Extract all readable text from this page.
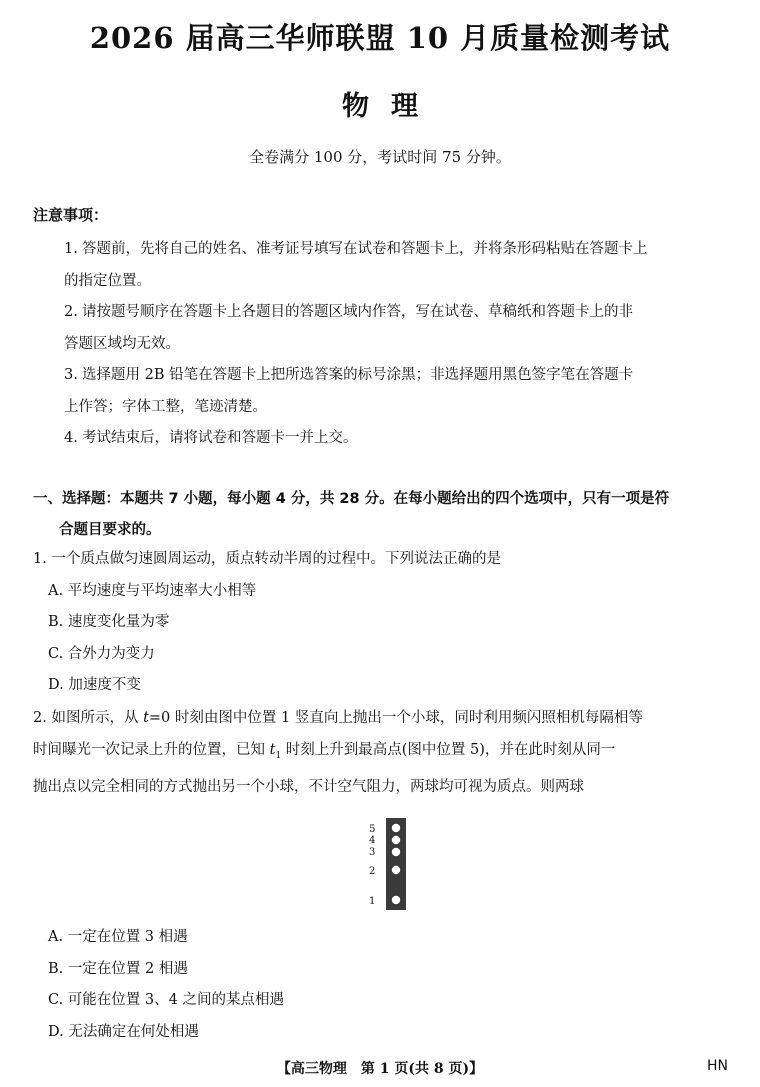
2026 届高三华师联盟 10 月质量检测考试
物理
全卷满分 100 分，考试时间 75 分钟。
注意事项：

1. 答题前，先将自己的姓名、准考证号填写在试卷和答题卡上，并将条形码粘贴在答题卡上

的指定位置。

2. 请按题号顺序在答题卡上各题目的答题区域内作答，写在试卷、草稿纸和答题卡上的非

答题区域均无效。

3. 选择题用 2B 铅笔在答题卡上把所选答案的标号涂黑；非选择题用黑色签字笔在答题卡

上作答；字体工整，笔迹清楚。

4. 考试结束后，请将试卷和答题卡一并上交。

一、选择题：本题共 7 小题，每小题 4 分，共 28 分。在每小题给出的四个选项中，只有一项是符
合题目要求的。
1. 一个质点做匀速圆周运动，质点转动半周的过程中。下列说法正确的是
A. 平均速度与平均速率大小相等
B. 速度变化量为零
C. 合外力为变力
D. 加速度不变
2. 如图所示，从 t=0 时刻由图中位置 1 竖直向上抛出一个小球，同时利用频闪照相机每隔相等
时间曝光一次记录上升的位置，已知 $t_1$ 时刻上升到最高点(图中位置 5)，并在此时刻从同一
抛出点以完全相同的方式抛出另一个小球，不计空气阻力，两球均可视为质点。则两球
5
4
3
2
1
A. 一定在位置 3 相遇
B. 一定在位置 2 相遇
C. 可能在位置 3、4 之间的某点相遇
D. 无法确定在何处相遇
【高三物理　第 1 页(共 8 页)】	HN
